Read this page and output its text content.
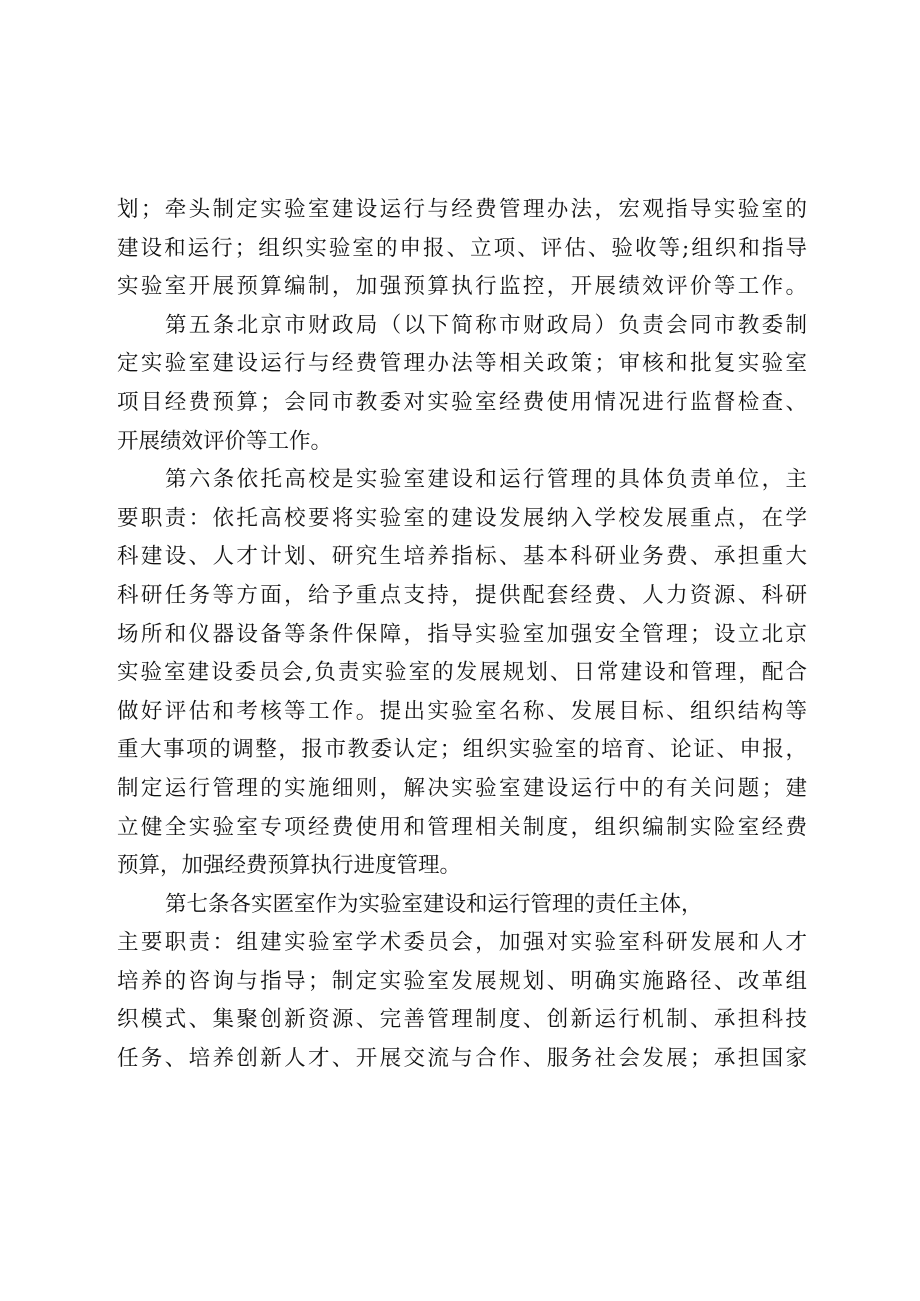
划；牵头制定实验室建设运行与经费管理办法，宏观指导实验室的
建设和运行；组织实验室的申报、立项、评估、验收等;组织和指导
实验室开展预算编制，加强预算执行监控，开展绩效评价等工作。
第五条北京市财政局（以下简称市财政局）负责会同市教委制
定实验室建设运行与经费管理办法等相关政策；审核和批复实验室
项目经费预算；会同市教委对实验室经费使用情况进行监督检查、
开展绩效评价等工作。
第六条依托高校是实验室建设和运行管理的具体负责单位，主
要职责：依托高校要将实验室的建设发展纳入学校发展重点，在学
科建设、人才计划、研究生培养指标、基本科研业务费、承担重大
科研任务等方面，给予重点支持，提供配套经费、人力资源、科研
场所和仪器设备等条件保障，指导实验室加强安全管理；设立北京
实验室建设委员会,负责实验室的发展规划、日常建设和管理，配合
做好评估和考核等工作。提出实验室名称、发展目标、组织结构等
重大事项的调整，报市教委认定；组织实验室的培育、论证、申报，
制定运行管理的实施细则，解决实验室建设运行中的有关问题；建
立健全实验室专项经费使用和管理相关制度，组织编制实险室经费
预算，加强经费预算执行进度管理。
第七条各实匿室作为实验室建设和运行管理的责任主体，
主要职责：组建实验室学术委员会，加强对实验室科研发展和人才
培养的咨询与指导；制定实验室发展规划、明确实施路径、改革组
织模式、集聚创新资源、完善管理制度、创新运行机制、承担科技
任务、培养创新人才、开展交流与合作、服务社会发展；承担国家
